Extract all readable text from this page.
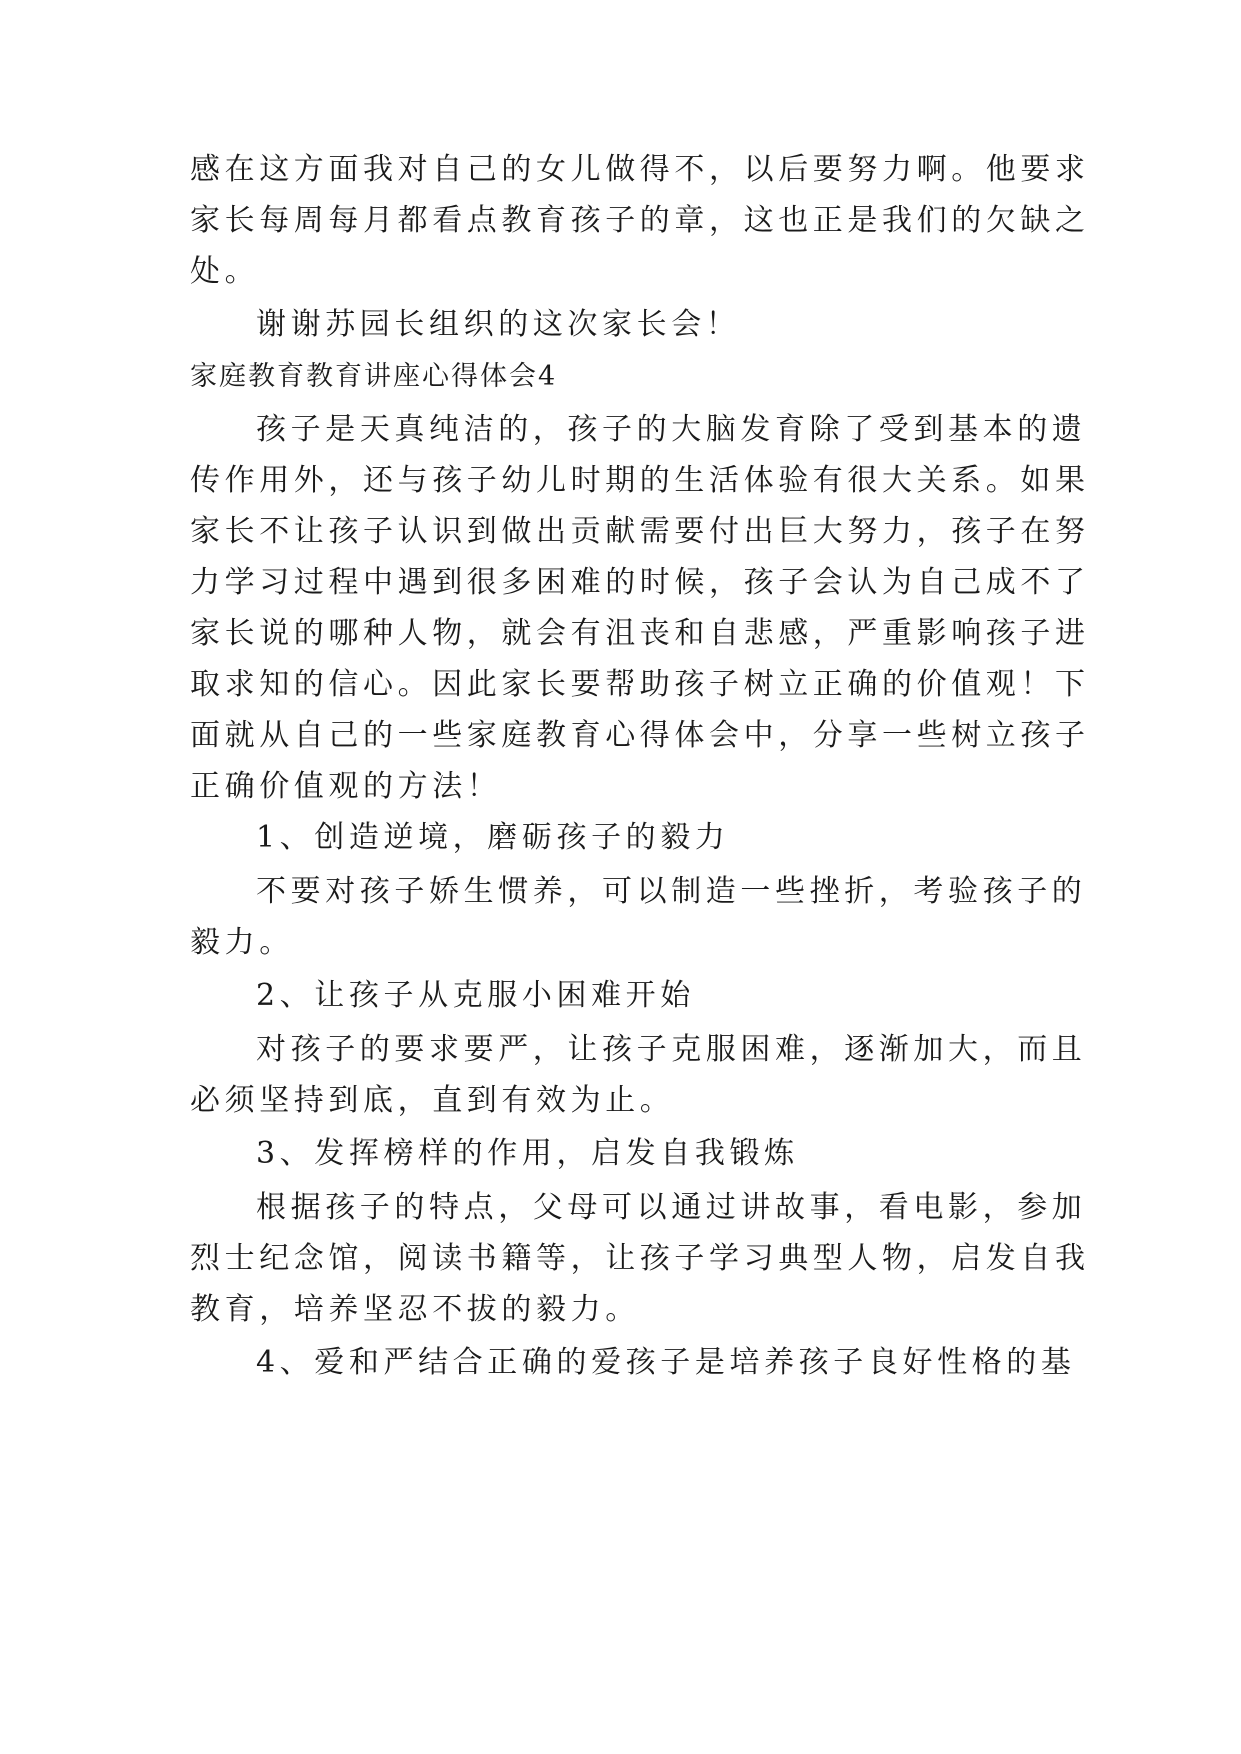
感在这方面我对自己的女儿做得不，以后要努力啊。他要求
家长每周每月都看点教育孩子的章，这也正是我们的欠缺之
处。
谢谢苏园长组织的这次家长会！
家庭教育教育讲座心得体会4
孩子是天真纯洁的，孩子的大脑发育除了受到基本的遗
传作用外，还与孩子幼儿时期的生活体验有很大关系。如果
家长不让孩子认识到做出贡献需要付出巨大努力，孩子在努
力学习过程中遇到很多困难的时候，孩子会认为自己成不了
家长说的哪种人物，就会有沮丧和自悲感，严重影响孩子进
取求知的信心。因此家长要帮助孩子树立正确的价值观！下
面就从自己的一些家庭教育心得体会中，分享一些树立孩子
正确价值观的方法！
1、创造逆境，磨砺孩子的毅力
不要对孩子娇生惯养，可以制造一些挫折，考验孩子的
毅力。
2、让孩子从克服小困难开始
对孩子的要求要严，让孩子克服困难，逐渐加大，而且
必须坚持到底，直到有效为止。
3、发挥榜样的作用，启发自我锻炼
根据孩子的特点，父母可以通过讲故事，看电影，参加
烈士纪念馆，阅读书籍等，让孩子学习典型人物，启发自我
教育，培养坚忍不拔的毅力。
4、爱和严结合正确的爱孩子是培养孩子良好性格的基
